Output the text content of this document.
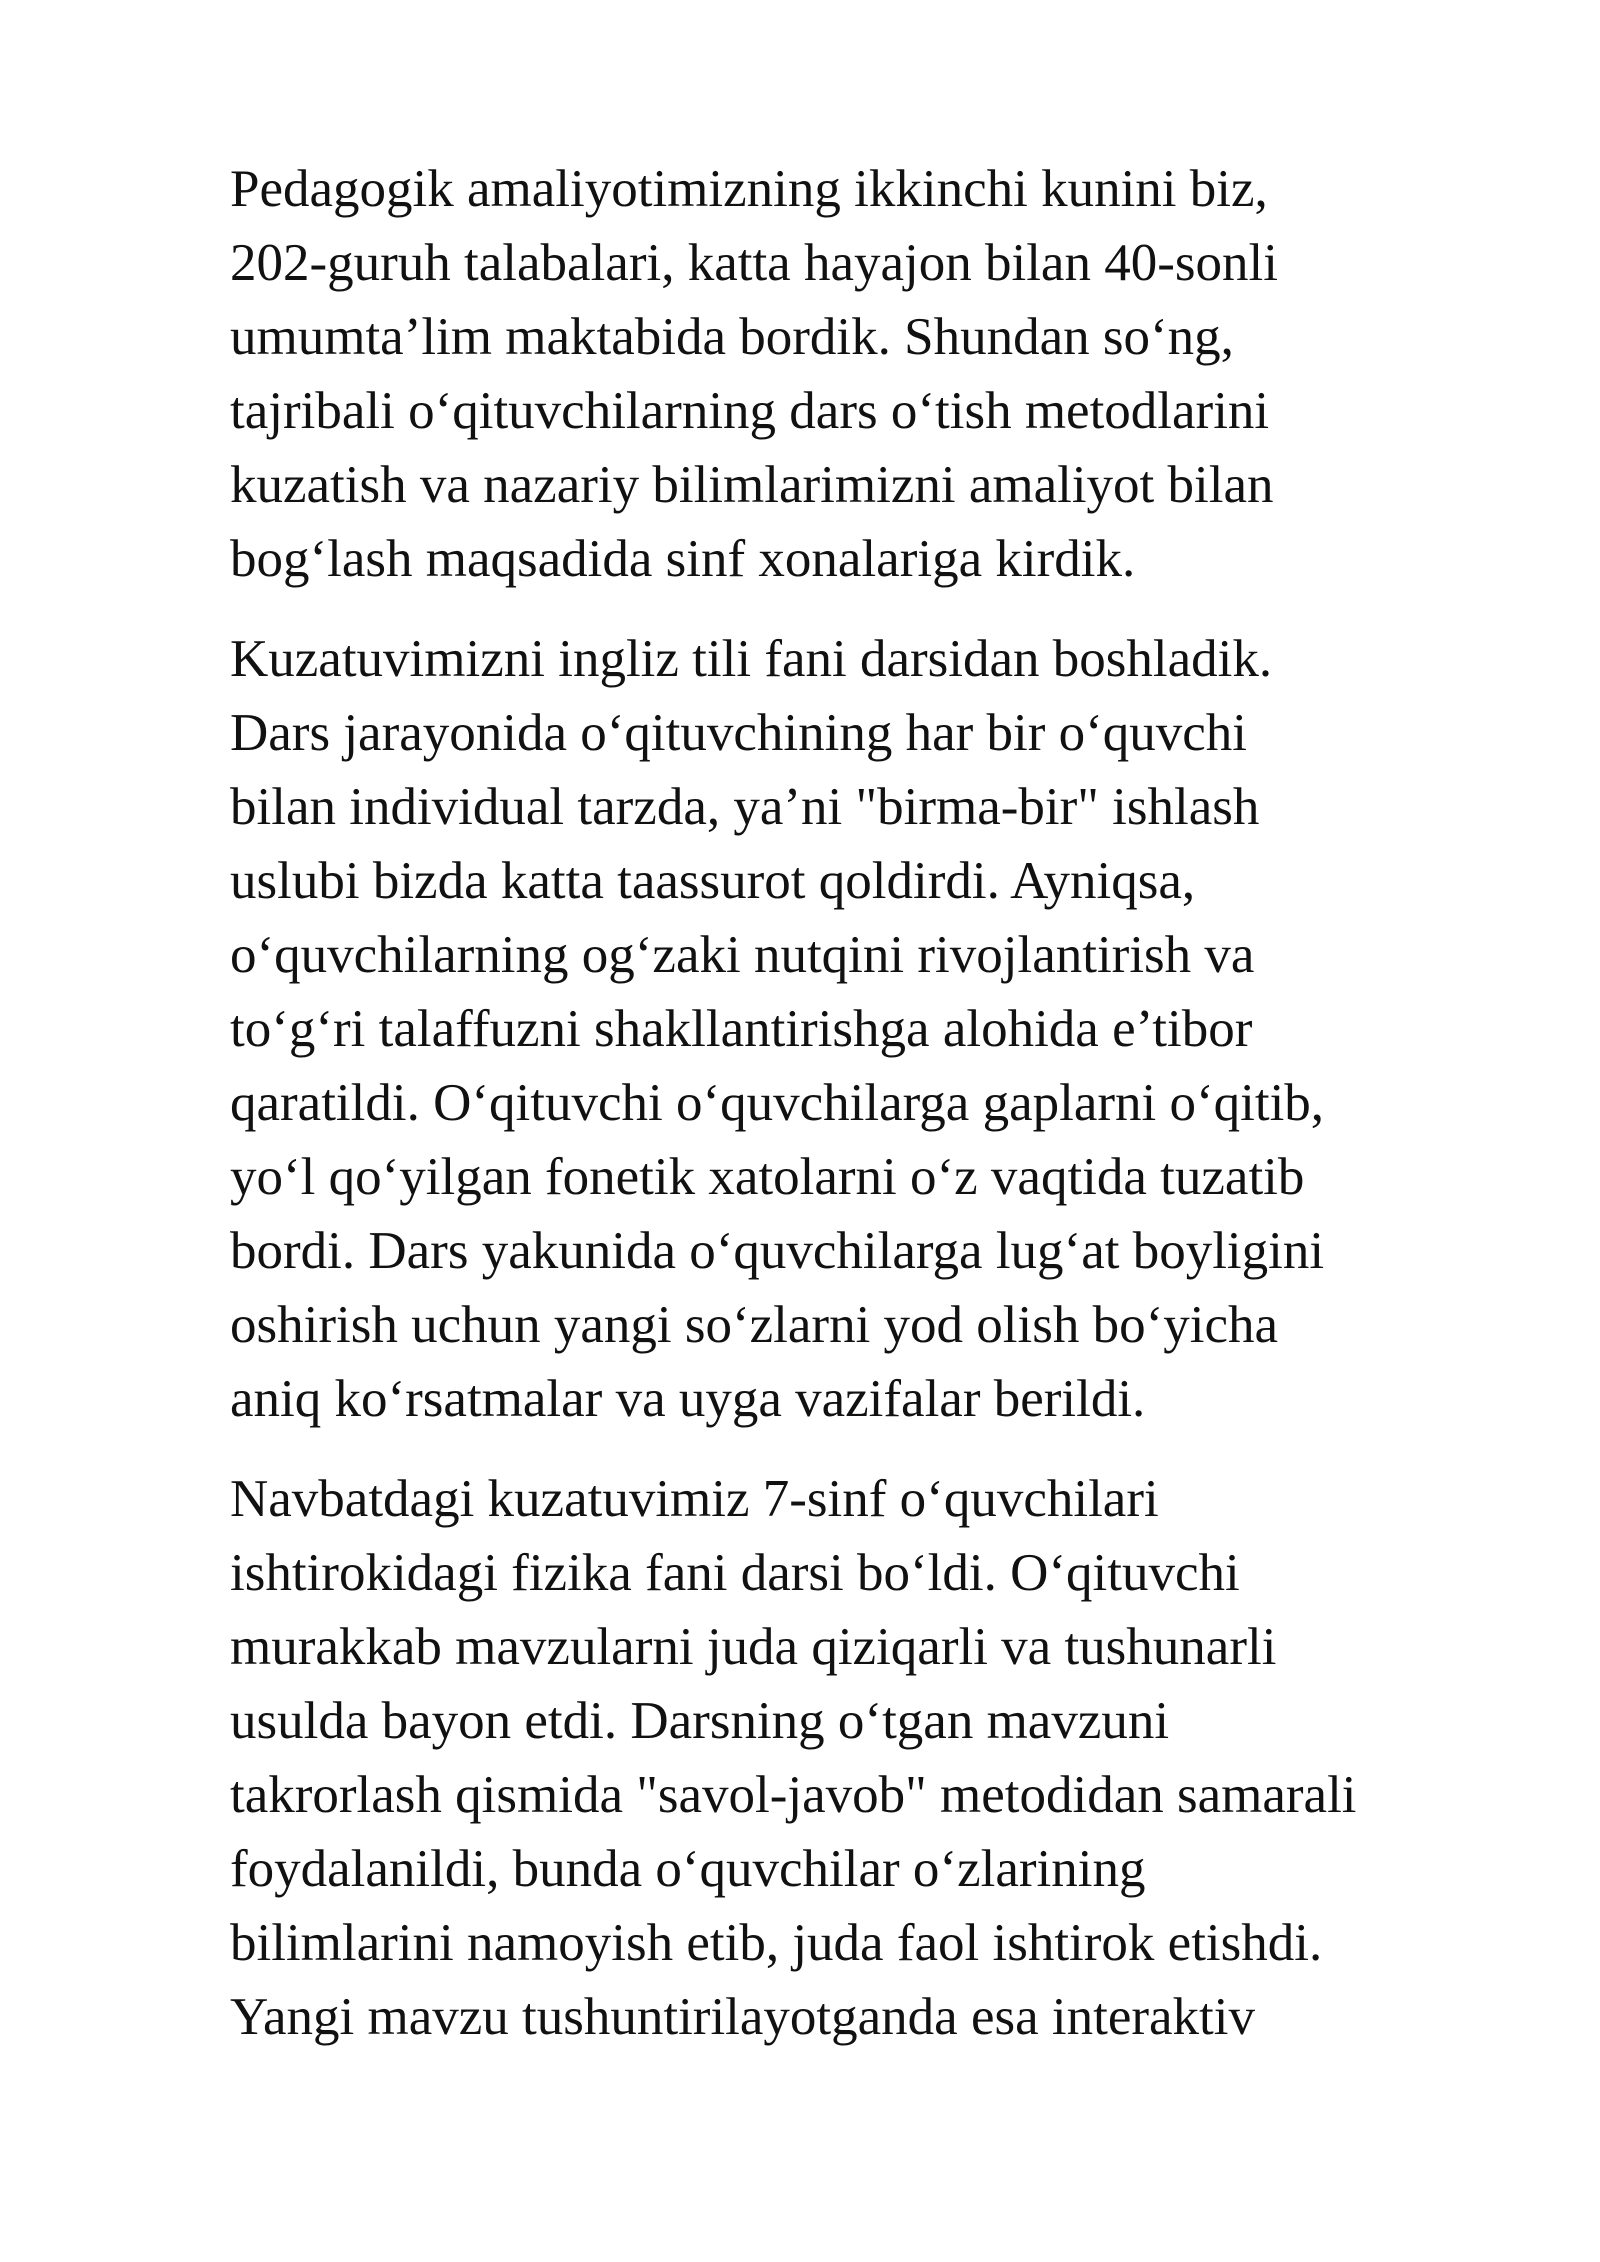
Pedagogik amaliyotimizning ikkinchi kunini biz,
202-guruh talabalari, katta hayajon bilan 40-sonli
umumta’lim maktabida bordik. Shundan so‘ng,
tajribali o‘qituvchilarning dars o‘tish metodlarini
kuzatish va nazariy bilimlarimizni amaliyot bilan
bog‘lash maqsadida sinf xonalariga kirdik.

Kuzatuvimizni ingliz tili fani darsidan boshladik.
Dars jarayonida o‘qituvchining har bir o‘quvchi
bilan individual tarzda, ya’ni "birma-bir" ishlash
uslubi bizda katta taassurot qoldirdi. Ayniqsa,
o‘quvchilarning og‘zaki nutqini rivojlantirish va
to‘g‘ri talaffuzni shakllantirishga alohida e’tibor
qaratildi. O‘qituvchi o‘quvchilarga gaplarni o‘qitib,
yo‘l qo‘yilgan fonetik xatolarni o‘z vaqtida tuzatib
bordi. Dars yakunida o‘quvchilarga lug‘at boyligini
oshirish uchun yangi so‘zlarni yod olish bo‘yicha
aniq ko‘rsatmalar va uyga vazifalar berildi.

Navbatdagi kuzatuvimiz 7-sinf o‘quvchilari
ishtirokidagi fizika fani darsi bo‘ldi. O‘qituvchi
murakkab mavzularni juda qiziqarli va tushunarli
usulda bayon etdi. Darsning o‘tgan mavzuni
takrorlash qismida "savol-javob" metodidan samarali
foydalanildi, bunda o‘quvchilar o‘zlarining
bilimlarini namoyish etib, juda faol ishtirok etishdi.
Yangi mavzu tushuntirilayotganda esa interaktiv
